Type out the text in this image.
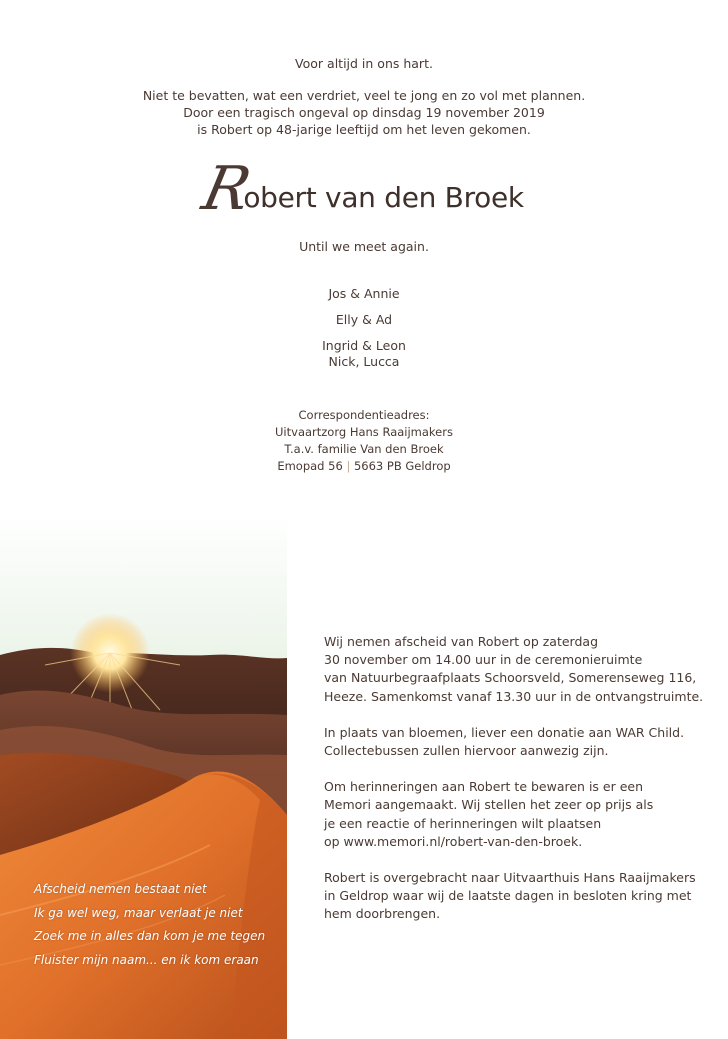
Voor altijd in ons hart.
Niet te bevatten, wat een verdriet, veel te jong en zo vol met plannen.
Door een tragisch ongeval op dinsdag 19 november 2019
is Robert op 48-jarige leeftijd om het leven gekomen.
Robert van den Broek
Until we meet again.
Jos & Annie
Elly & Ad
Ingrid & Leon
Nick, Lucca
Correspondentieadres:
Uitvaartzorg Hans Raaijmakers
T.a.v. familie Van den Broek
Emopad 56 | 5663 PB Geldrop
Afscheid nemen bestaat niet
Ik ga wel weg, maar verlaat je niet
Zoek me in alles dan kom je me tegen
Fluister mijn naam... en ik kom eraan
Wij nemen afscheid van Robert op zaterdag
30 november om 14.00 uur in de ceremonieruimte
van Natuurbegraafplaats Schoorsveld, Somerenseweg 116,
Heeze. Samenkomst vanaf 13.30 uur in de ontvangstruimte.
In plaats van bloemen, liever een donatie aan WAR Child.
Collectebussen zullen hiervoor aanwezig zijn.
Om herinneringen aan Robert te bewaren is er een
Memori aangemaakt. Wij stellen het zeer op prijs als
je een reactie of herinneringen wilt plaatsen
op www.memori.nl/robert-van-den-broek.
Robert is overgebracht naar Uitvaarthuis Hans Raaijmakers
in Geldrop waar wij de laatste dagen in besloten kring met
hem doorbrengen.
